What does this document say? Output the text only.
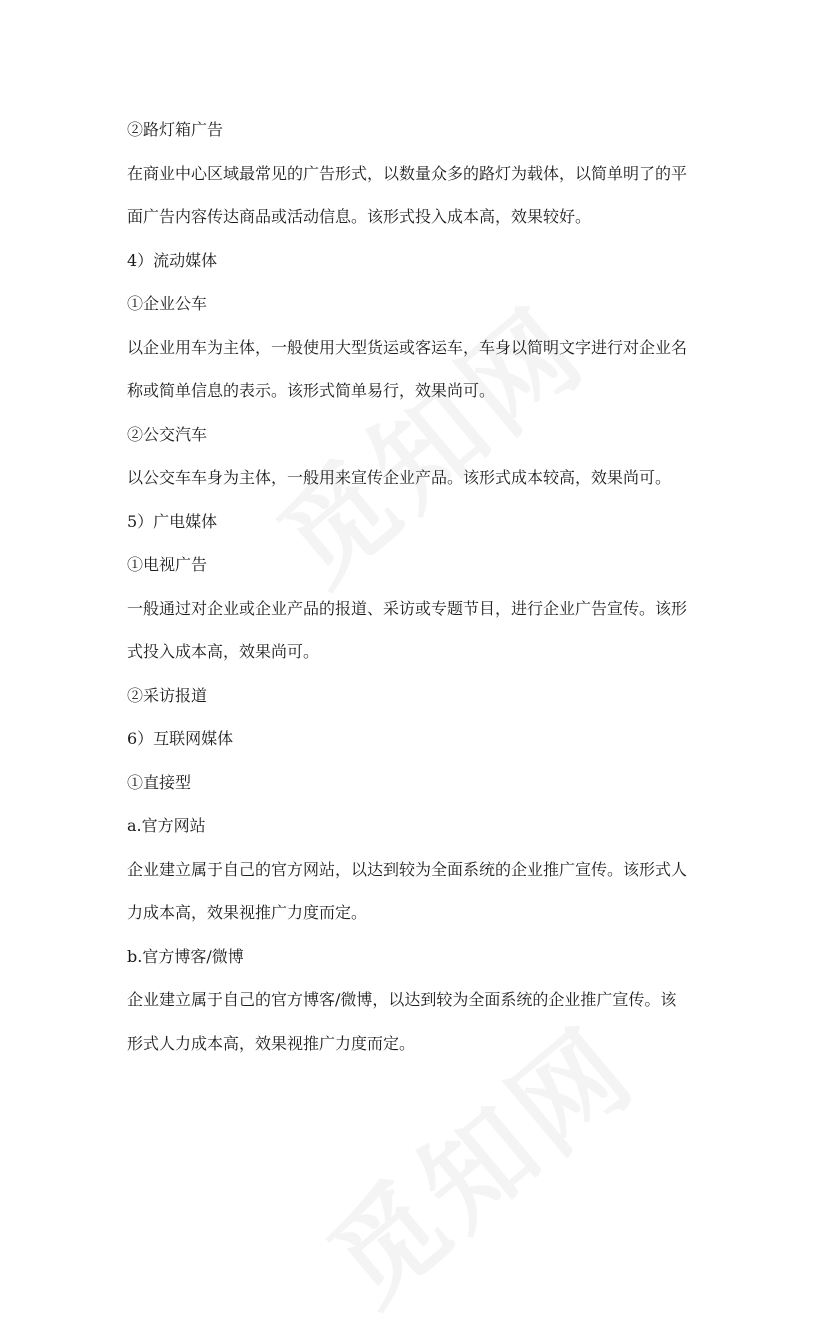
②路灯箱广告

在商业中心区域最常见的广告形式，以数量众多的路灯为载体，以简单明了的平

面广告内容传达商品或活动信息。该形式投入成本高，效果较好。

4）流动媒体

①企业公车

以企业用车为主体，一般使用大型货运或客运车，车身以简明文字进行对企业名

称或简单信息的表示。该形式简单易行，效果尚可。

②公交汽车

以公交车车身为主体，一般用来宣传企业产品。该形式成本较高，效果尚可。

5）广电媒体

①电视广告

一般通过对企业或企业产品的报道、采访或专题节目，进行企业广告宣传。该形

式投入成本高，效果尚可。

②采访报道

6）互联网媒体

①直接型

a.官方网站

企业建立属于自己的官方网站，以达到较为全面系统的企业推广宣传。该形式人

力成本高，效果视推广力度而定。

b.官方博客/微博

企业建立属于自己的官方博客/微博，以达到较为全面系统的企业推广宣传。该

形式人力成本高，效果视推广力度而定。
